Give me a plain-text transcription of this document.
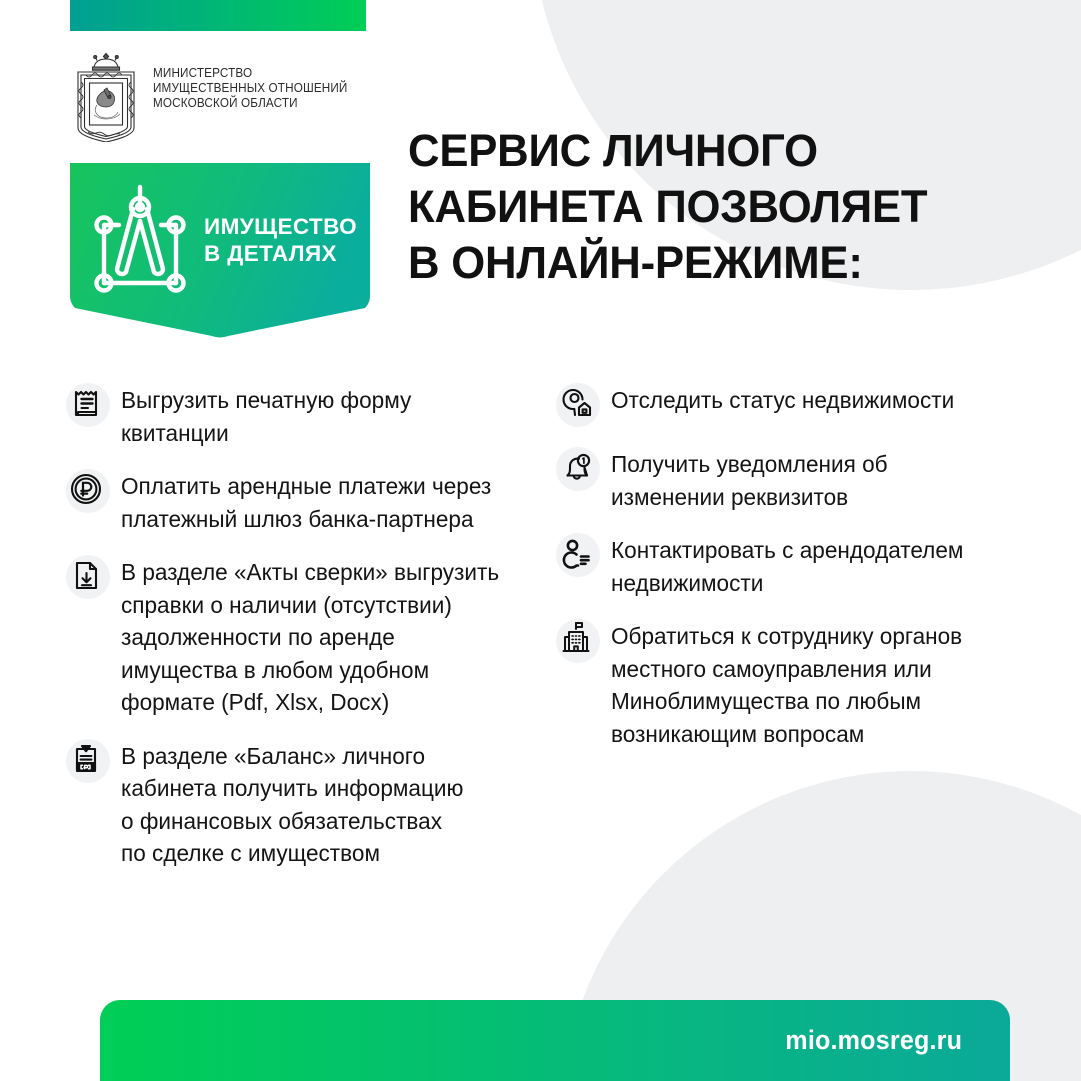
МИНИСТЕРСТВО
ИМУЩЕСТВЕННЫХ ОТНОШЕНИЙ
МОСКОВСКОЙ ОБЛАСТИ
ИМУЩЕСТВО
В ДЕТАЛЯХ
СЕРВИС ЛИЧНОГО
КАБИНЕТА ПОЗВОЛЯЕТ
В ОНЛАЙН-РЕЖИМЕ:
Выгрузить печатную форму
квитанции
Оплатить арендные платежи через
платежный шлюз банка-партнера
В разделе «Акты сверки» выгрузить
справки о наличии (отсутствии)
задолженности по аренде
имущества в любом удобном
формате (Pdf, Xlsx, Docx)
В разделе «Баланс» личного
кабинета получить информацию
о финансовых обязательствах
по сделке с имуществом
Отследить статус недвижимости
Получить уведомления об
изменении реквизитов
Контактировать с арендодателем
недвижимости
Обратиться к сотруднику органов
местного самоуправления или
Миноблимущества по любым
возникающим вопросам
mio.mosreg.ru
